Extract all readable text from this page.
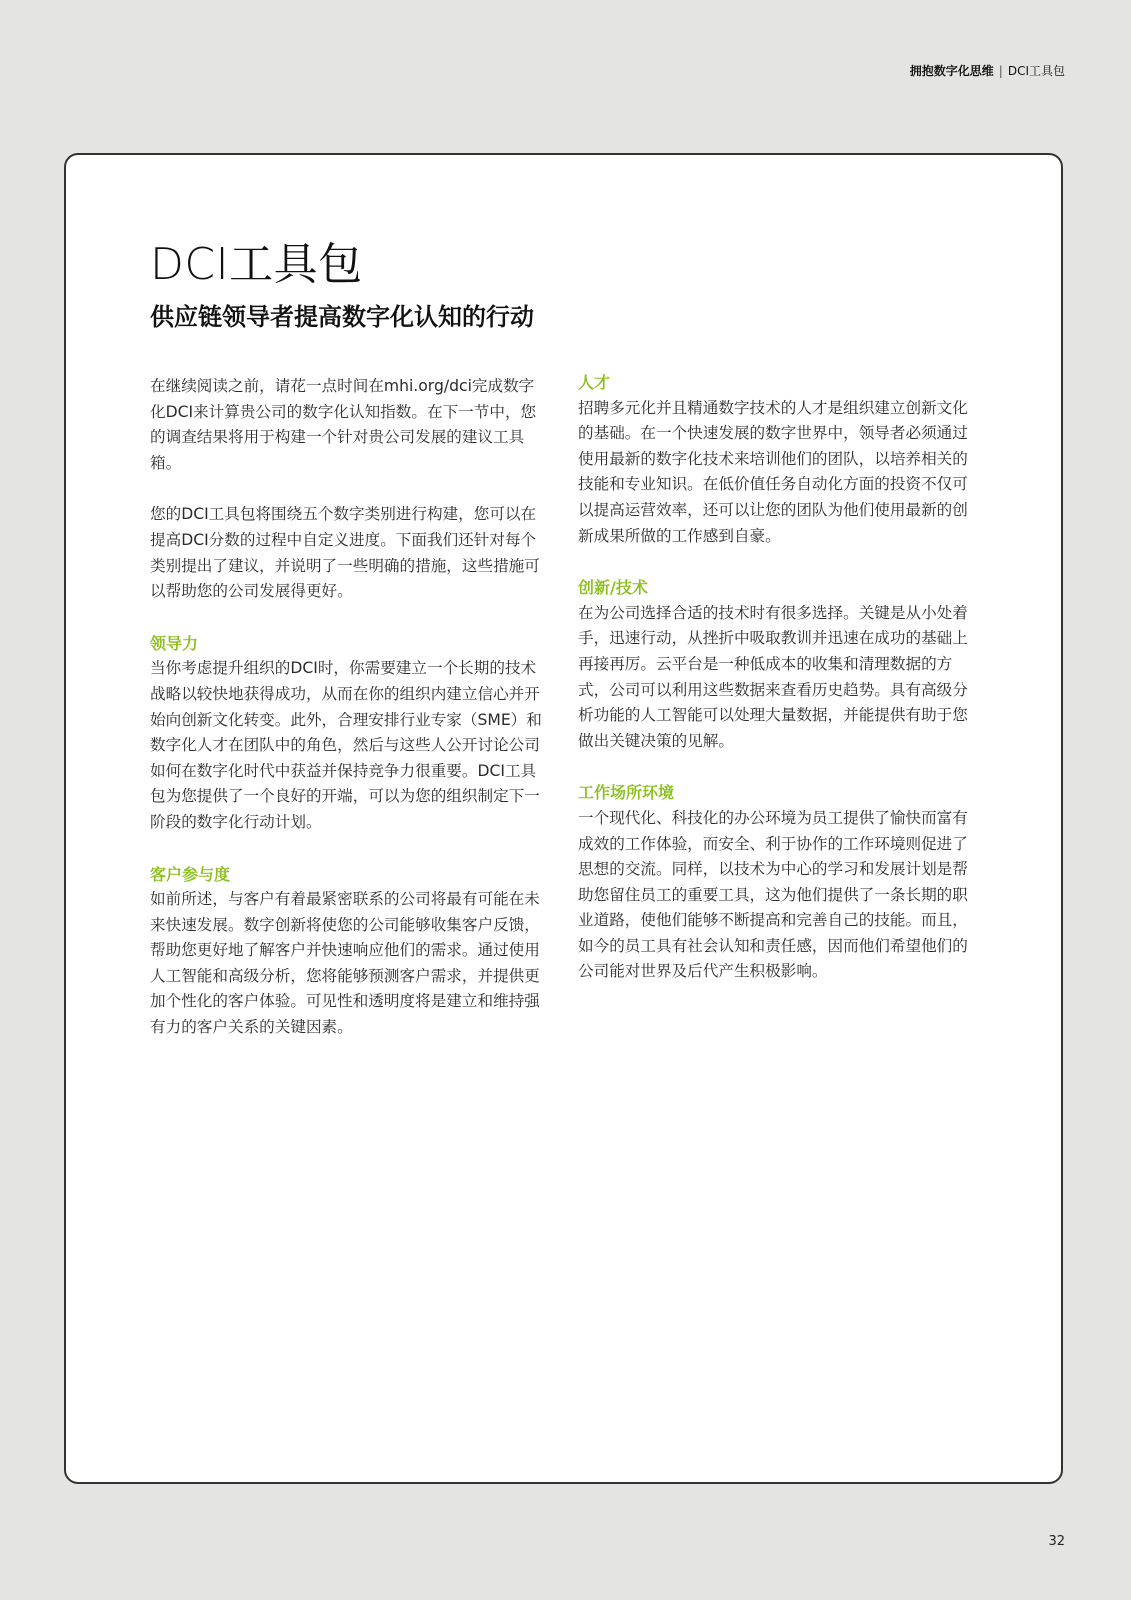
拥抱数字化思维 | DCI工具包
DCI工具包
供应链领导者提高数字化认知的行动

在继续阅读之前，请花一点时间在mhi.org/dci完成数字化DCI来计算贵公司的数字化认知指数。在下一节中，您的调查结果将用于构建一个针对贵公司发展的建议工具箱。

您的DCI工具包将围绕五个数字类别进行构建，您可以在提高DCI分数的过程中自定义进度。下面我们还针对每个类别提出了建议，并说明了一些明确的措施，这些措施可以帮助您的公司发展得更好。

领导力

当你考虑提升组织的DCI时，你需要建立一个长期的技术战略以较快地获得成功，从而在你的组织内建立信心并开始向创新文化转变。此外，合理安排行业专家（SME）和数字化人才在团队中的角色，然后与这些人公开讨论公司如何在数字化时代中获益并保持竞争力很重要。DCI工具包为您提供了一个良好的开端，可以为您的组织制定下一阶段的数字化行动计划。

客户参与度

如前所述，与客户有着最紧密联系的公司将最有可能在未来快速发展。数字创新将使您的公司能够收集客户反馈，帮助您更好地了解客户并快速响应他们的需求。通过使用人工智能和高级分析，您将能够预测客户需求，并提供更加个性化的客户体验。可见性和透明度将是建立和维持强有力的客户关系的关键因素。

人才

招聘多元化并且精通数字技术的人才是组织建立创新文化的基础。在一个快速发展的数字世界中，领导者必须通过使用最新的数字化技术来培训他们的团队，以培养相关的技能和专业知识。在低价值任务自动化方面的投资不仅可以提高运营效率，还可以让您的团队为他们使用最新的创新成果所做的工作感到自豪。

创新/技术

在为公司选择合适的技术时有很多选择。关键是从小处着手，迅速行动，从挫折中吸取教训并迅速在成功的基础上再接再厉。云平台是一种低成本的收集和清理数据的方式，公司可以利用这些数据来查看历史趋势。具有高级分析功能的人工智能可以处理大量数据，并能提供有助于您做出关键决策的见解。

工作场所环境

一个现代化、科技化的办公环境为员工提供了愉快而富有成效的工作体验，而安全、利于协作的工作环境则促进了思想的交流。同样，以技术为中心的学习和发展计划是帮助您留住员工的重要工具，这为他们提供了一条长期的职业道路，使他们能够不断提高和完善自己的技能。而且，如今的员工具有社会认知和责任感，因而他们希望他们的公司能对世界及后代产生积极影响。

32
